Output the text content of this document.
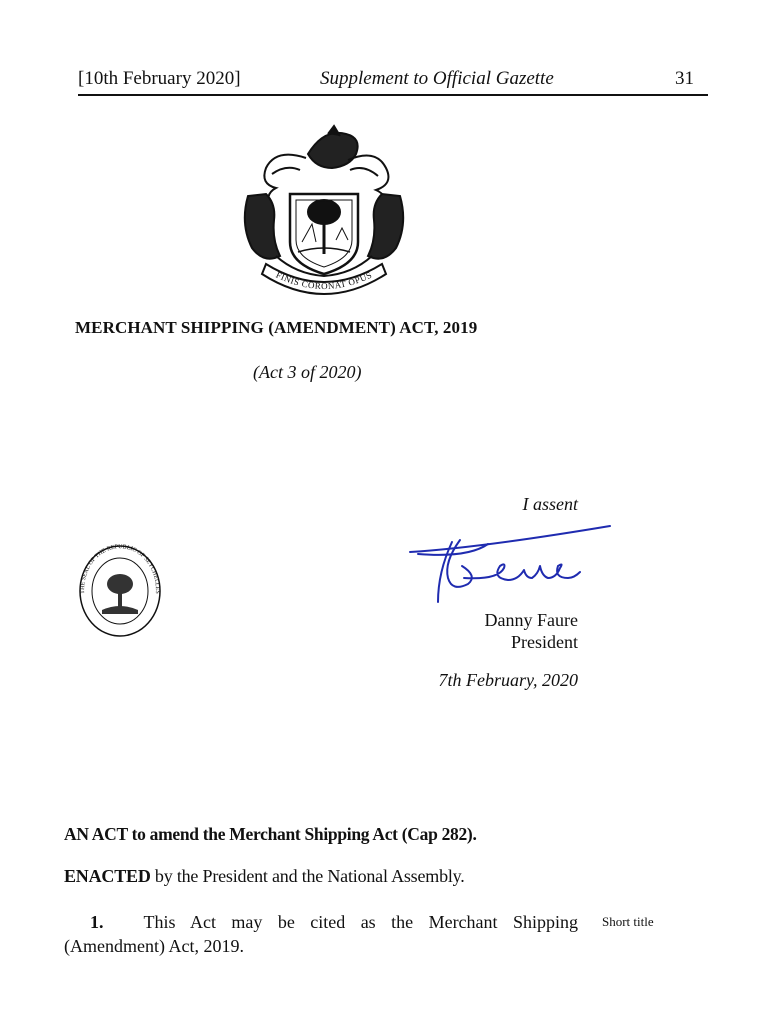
[10th February 2020]	Supplement to Official Gazette	31
FINIS CORONAT OPUS
MERCHANT SHIPPING (AMENDMENT) ACT, 2019
(Act 3 of 2020)
I assent
THE SEAL OF THE REPUBLIC OF SEYCHELLES
Danny Faure
President
7th February, 2020
AN ACT to amend the Merchant Shipping Act (Cap 282).
ENACTED by the President and the National Assembly.
1. This Act may be cited as the Merchant Shipping
(Amendment) Act, 2019.
Short title
